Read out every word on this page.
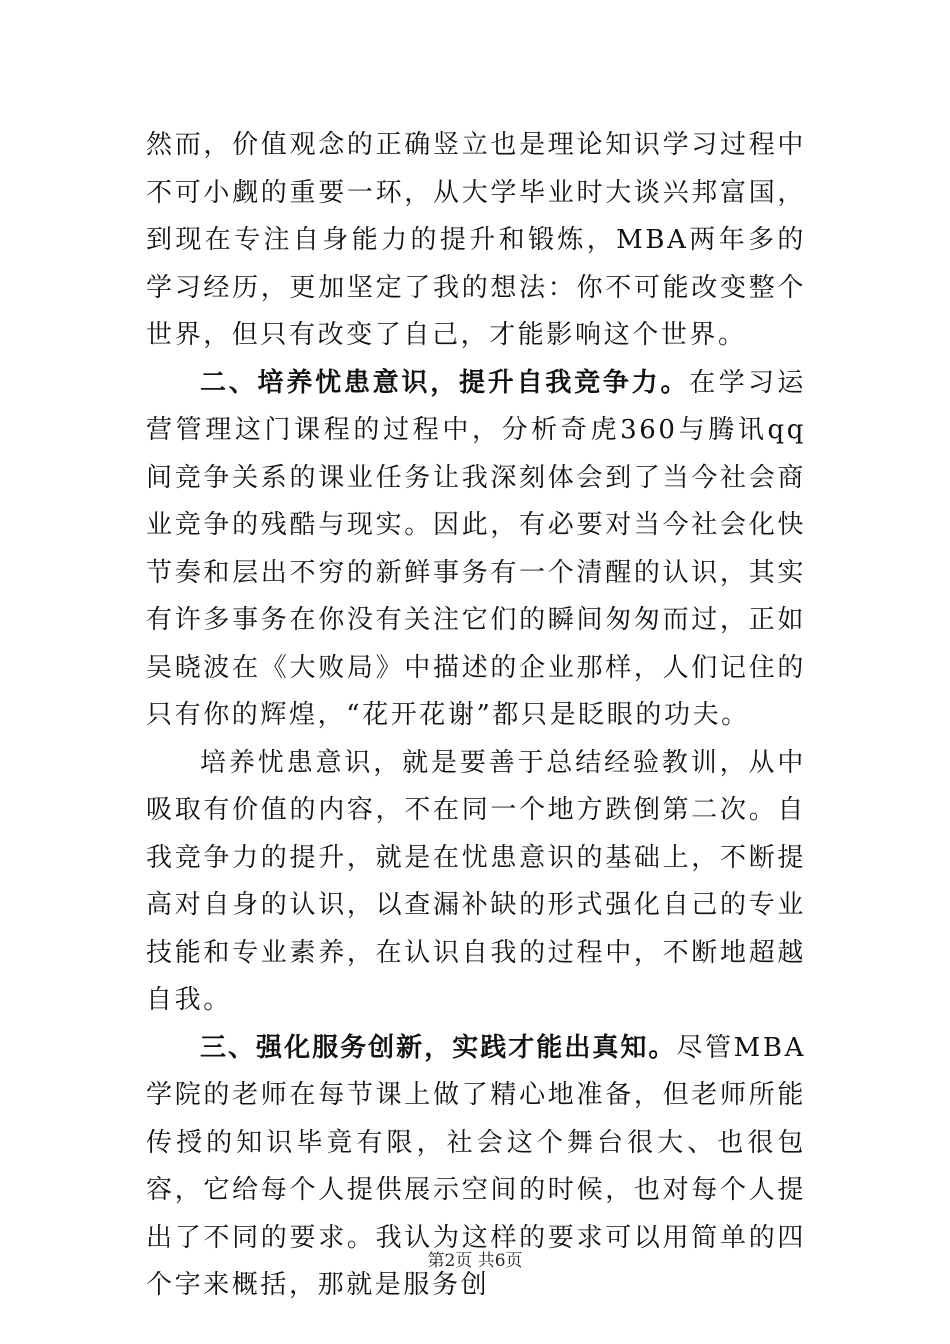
然而，价值观念的正确竖立也是理论知识学习过程中不可小觑的重要一环，从大学毕业时大谈兴邦富国，到现在专注自身能力的提升和锻炼，MBA两年多的学习经历，更加坚定了我的想法：你不可能改变整个世界，但只有改变了自己，才能影响这个世界。

二、培养忧患意识，提升自我竞争力。在学习运营管理这门课程的过程中，分析奇虎360与腾讯qq间竞争关系的课业任务让我深刻体会到了当今社会商业竞争的残酷与现实。因此，有必要对当今社会化快节奏和层出不穷的新鲜事务有一个清醒的认识，其实有许多事务在你没有关注它们的瞬间匆匆而过，正如吴晓波在《大败局》中描述的企业那样，人们记住的只有你的辉煌，“花开花谢”都只是眨眼的功夫。

培养忧患意识，就是要善于总结经验教训，从中吸取有价值的内容，不在同一个地方跌倒第二次。自我竞争力的提升，就是在忧患意识的基础上，不断提高对自身的认识，以查漏补缺的形式强化自己的专业技能和专业素养，在认识自我的过程中，不断地超越自我。

三、强化服务创新，实践才能出真知。尽管MBA学院的老师在每节课上做了精心地准备，但老师所能传授的知识毕竟有限，社会这个舞台很大、也很包容，它给每个人提供展示空间的时候，也对每个人提出了不同的要求。我认为这样的要求可以用简单的四个字来概括，那就是服务创

第2页 共6页
